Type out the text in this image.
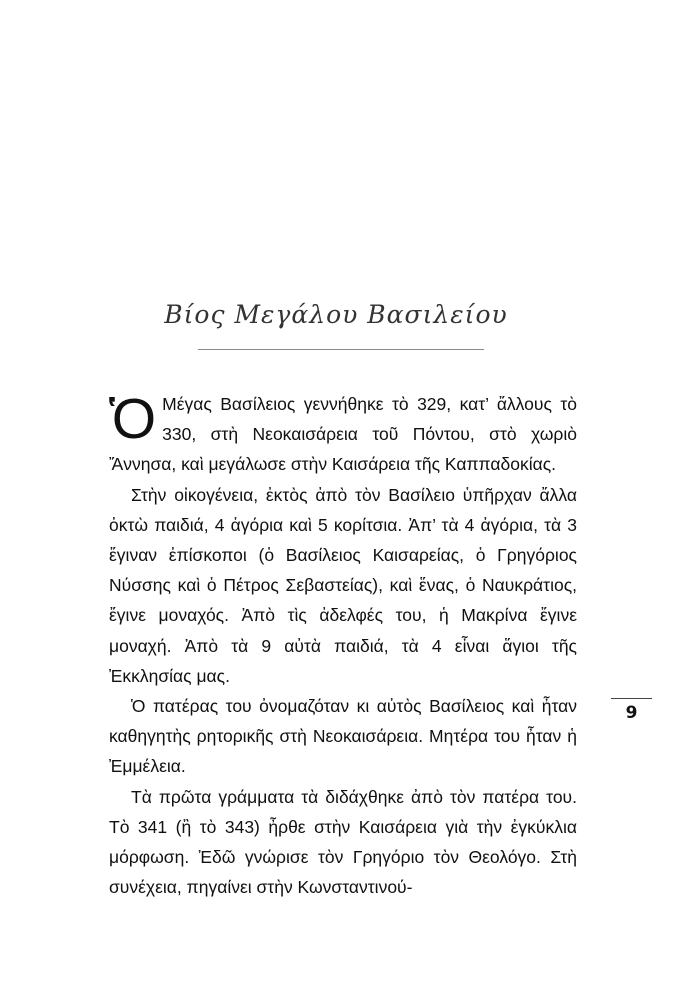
Βίος Μεγάλου Βασιλείου

Ὁ Μέγας Βασίλειος γεννήθηκε τὸ 329, κατ’ ἄλλους τὸ 330, στὴ Νεοκαισάρεια τοῦ Πόντου, στὸ χωριὸ Ἄννησα, καὶ μεγάλωσε στὴν Καισάρεια τῆς Καππαδοκίας.

Στὴν οἰκογένεια, ἐκτὸς ἀπὸ τὸν Βασίλειο ὑπῆρχαν ἄλλα ὀκτὼ παιδιά, 4 ἀγόρια καὶ 5 κορίτσια. Ἀπ’ τὰ 4 ἀγόρια, τὰ 3 ἔγιναν ἐπίσκοποι (ὁ Βασίλειος Καισαρείας, ὁ Γρηγόριος Νύσσης καὶ ὁ Πέτρος Σεβαστείας), καὶ ἕνας, ὁ Ναυκράτιος, ἔγινε μοναχός. Ἀπὸ τὶς ἀδελφές του, ἡ Μακρίνα ἔγινε μοναχή. Ἀπὸ τὰ 9 αὐτὰ παιδιά, τὰ 4 εἶναι ἅγιοι τῆς Ἐκκλησίας μας.

Ὁ πατέρας του ὀνομαζόταν κι αὐτὸς Βασίλειος καὶ ἦταν καθηγητὴς ρητορικῆς στὴ Νεοκαισάρεια. Μητέρα του ἦταν ἡ Ἐμμέλεια.

Τὰ πρῶτα γράμματα τὰ διδάχθηκε ἀπὸ τὸν πατέρα του. Τὸ 341 (ἢ τὸ 343) ἦρθε στὴν Καισάρεια γιὰ τὴν ἐγκύκλια μόρφωση. Ἐδῶ γνώρισε τὸν Γρηγόριο τὸν Θεολόγο. Στὴ συνέχεια, πηγαίνει στὴν Κωνσταντινού-

9
